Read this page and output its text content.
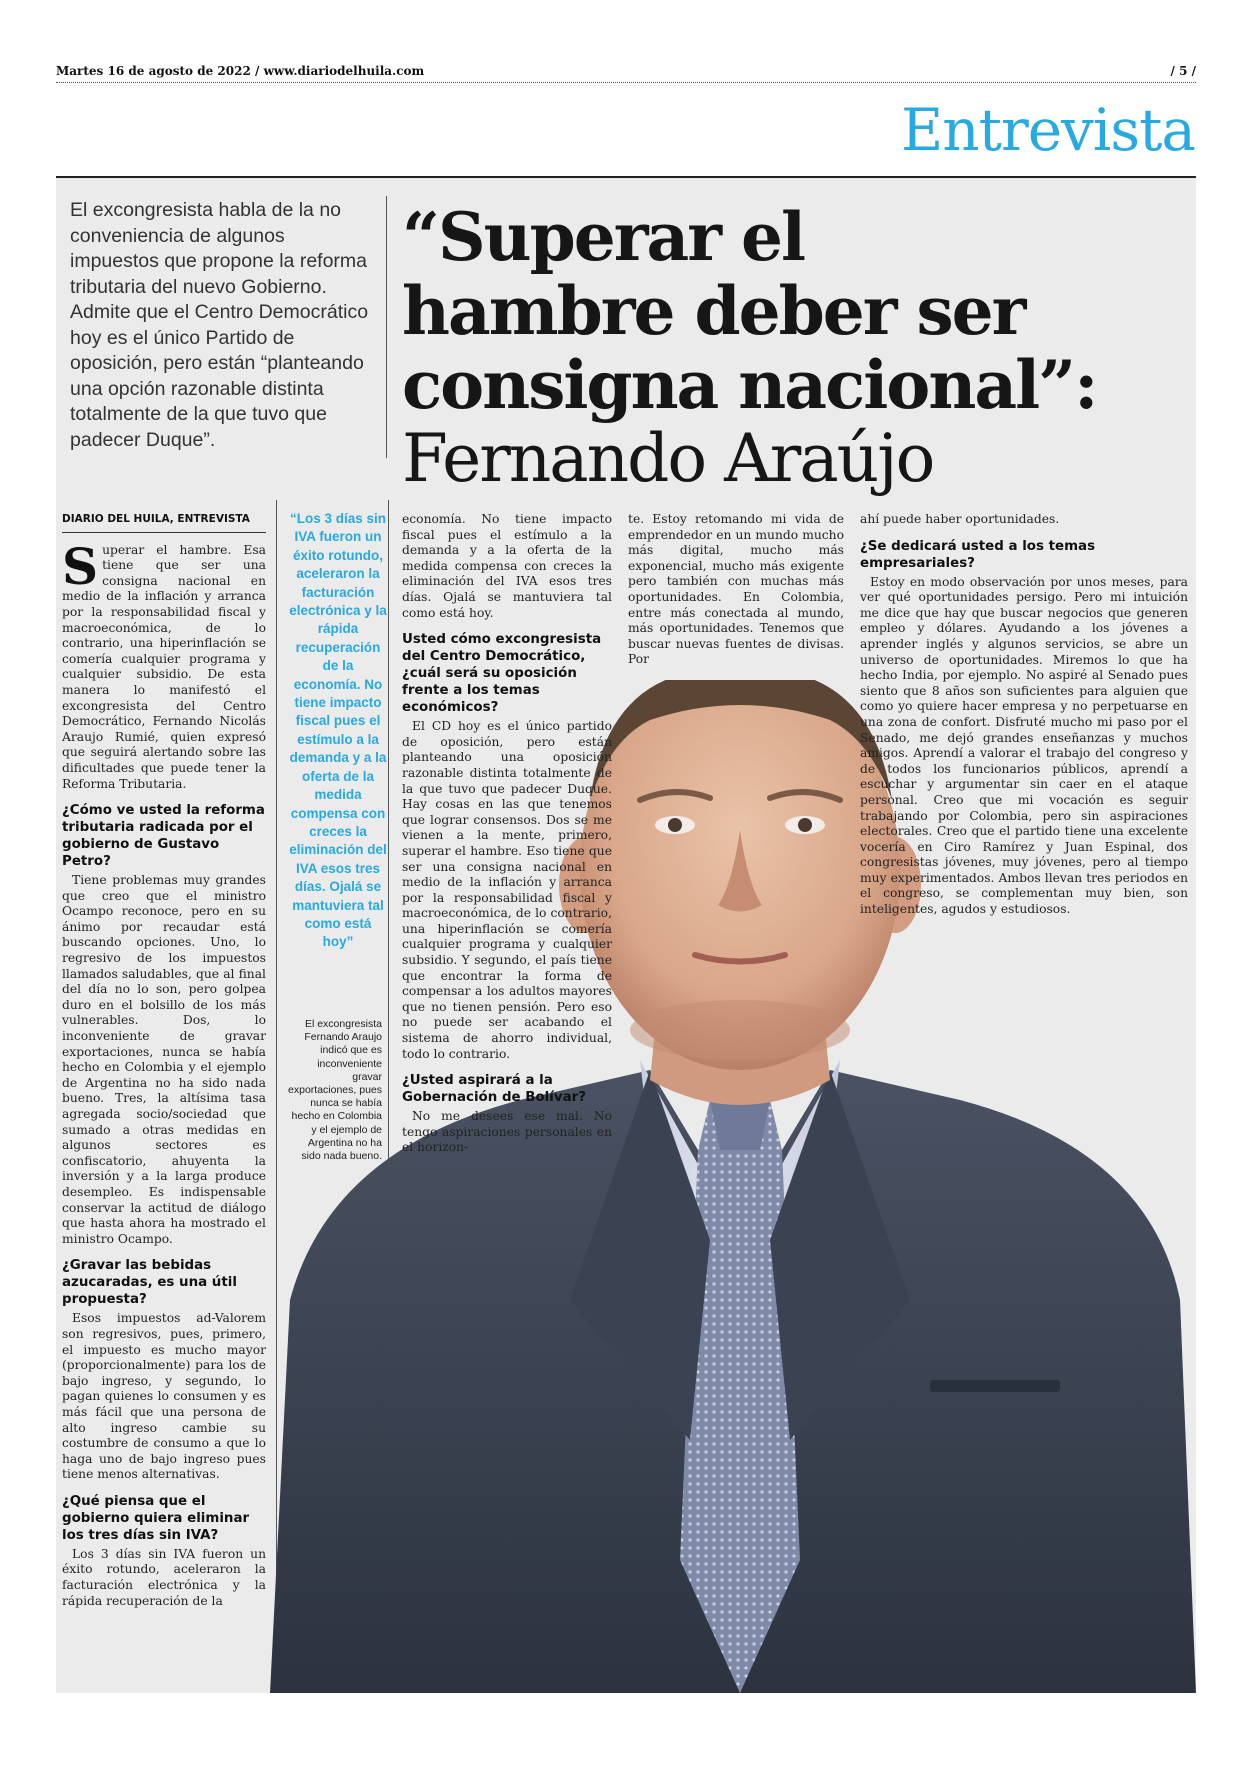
Martes 16 de agosto de 2022 / www.diariodelhuila.com	/ 5 /
Entrevista
El excongresista habla de la no conveniencia de algunos impuestos que propone la reforma tributaria del nuevo Gobierno. Admite que el Centro Democrático hoy es el único Partido de oposición, pero están “planteando una opción razonable distinta totalmente de la que tuvo que padecer Duque”.
“Superar el
hambre deber ser
consigna nacional”:
Fernando Araújo
DIARIO DEL HUILA, ENTREVISTA

Superar el hambre. Esa tiene que ser una consigna nacional en medio de la inflación y arranca por la responsabilidad fiscal y macroeconómica, de lo contrario, una hiperinflación se comería cualquier programa y cualquier subsidio. De esta manera lo manifestó el excongresista del Centro Democrático, Fernando Nicolás Araujo Rumié, quien expresó que seguirá alertando sobre las dificultades que puede tener la Reforma Tributaria.

¿Cómo ve usted la reforma tributaria radicada por el gobierno de Gustavo Petro?

Tiene problemas muy grandes que creo que el ministro Ocampo reconoce, pero en su ánimo por recaudar está buscando opciones. Uno, lo regresivo de los impuestos llamados saludables, que al final del día no lo son, pero golpea duro en el bolsillo de los más vulnerables. Dos, lo inconveniente de gravar exportaciones, nunca se había hecho en Colombia y el ejemplo de Argentina no ha sido nada bueno. Tres, la altísima tasa agregada socio/sociedad que sumado a otras medidas en algunos sectores es confiscatorio, ahuyenta la inversión y a la larga produce desempleo. Es indispensable conservar la actitud de diálogo que hasta ahora ha mostrado el ministro Ocampo.

¿Gravar las bebidas azucaradas, es una útil propuesta?

Esos impuestos ad-Valorem son regresivos, pues, primero, el impuesto es mucho mayor (proporcionalmente) para los de bajo ingreso, y segundo, lo pagan quienes lo consumen y es más fácil que una persona de alto ingreso cambie su costumbre de consumo a que lo haga uno de bajo ingreso pues tiene menos alternativas.

¿Qué piensa que el gobierno quiera eliminar los tres días sin IVA?

Los 3 días sin IVA fueron un éxito rotundo, aceleraron la facturación electrónica y la rápida recuperación de la

“Los 3 días sin IVA fueron un éxito rotundo, aceleraron la facturación electrónica y la rápida recuperación de la economía. No tiene impacto fiscal pues el estímulo a la demanda y a la oferta de la medida compensa con creces la eliminación del IVA esos tres días. Ojalá se mantuviera tal como está hoy”
El excongresista Fernando Araujo indicó que es inconveniente gravar exportaciones, pues nunca se había hecho en Colombia y el ejemplo de Argentina no ha sido nada bueno.

economía. No tiene impacto fiscal pues el estímulo a la demanda y a la oferta de la medida compensa con creces la eliminación del IVA esos tres días. Ojalá se mantuviera tal como está hoy.

Usted cómo excongresista del Centro Democrático, ¿cuál será su oposición frente a los temas económicos?

El CD hoy es el único partido de oposición, pero están planteando una oposición razonable distinta totalmente de la que tuvo que padecer Duque. Hay cosas en las que tenemos que lograr consensos. Dos se me vienen a la mente, primero, superar el hambre. Eso tiene que ser una consigna nacional en medio de la inflación y arranca por la responsabilidad fiscal y macroeconómica, de lo contrario, una hiperinflación se comería cualquier programa y cualquier subsidio. Y segundo, el país tiene que encontrar la forma de compensar a los adultos mayores que no tienen pensión. Pero eso no puede ser acabando el sistema de ahorro individual, todo lo contrario.

¿Usted aspirará a la Gobernación de Bolívar?

No me desees ese mal. No tengo aspiraciones personales en el horizon-

te. Estoy retomando mi vida de emprendedor en un mundo mucho más digital, mucho más exponencial, mucho más exigente pero también con muchas más oportunidades. En Colombia, entre más conectada al mundo, más oportunidades. Tenemos que buscar nuevas fuentes de divisas. Por

ahí puede haber oportunidades.

¿Se dedicará usted a los temas empresariales?

Estoy en modo observación por unos meses, para ver qué oportunidades persigo. Pero mi intuición me dice que hay que buscar negocios que generen empleo y dólares. Ayudando a los jóvenes a aprender inglés y algunos servicios, se abre un universo de oportunidades. Miremos lo que ha hecho India, por ejemplo. No aspiré al Senado pues siento que 8 años son suficientes para alguien que como yo quiere hacer empresa y no perpetuarse en una zona de confort. Disfruté mucho mi paso por el Senado, me dejó grandes enseñanzas y muchos amigos. Aprendí a valorar el trabajo del congreso y de todos los funcionarios públicos, aprendí a escuchar y argumentar sin caer en el ataque personal. Creo que mi vocación es seguir trabajando por Colombia, pero sin aspiraciones electorales. Creo que el partido tiene una excelente vocería en Ciro Ramírez y Juan Espinal, dos congresistas jóvenes, muy jóvenes, pero al tiempo muy experimentados. Ambos llevan tres periodos en el congreso, se complementan muy bien, son inteligentes, agudos y estudiosos.
